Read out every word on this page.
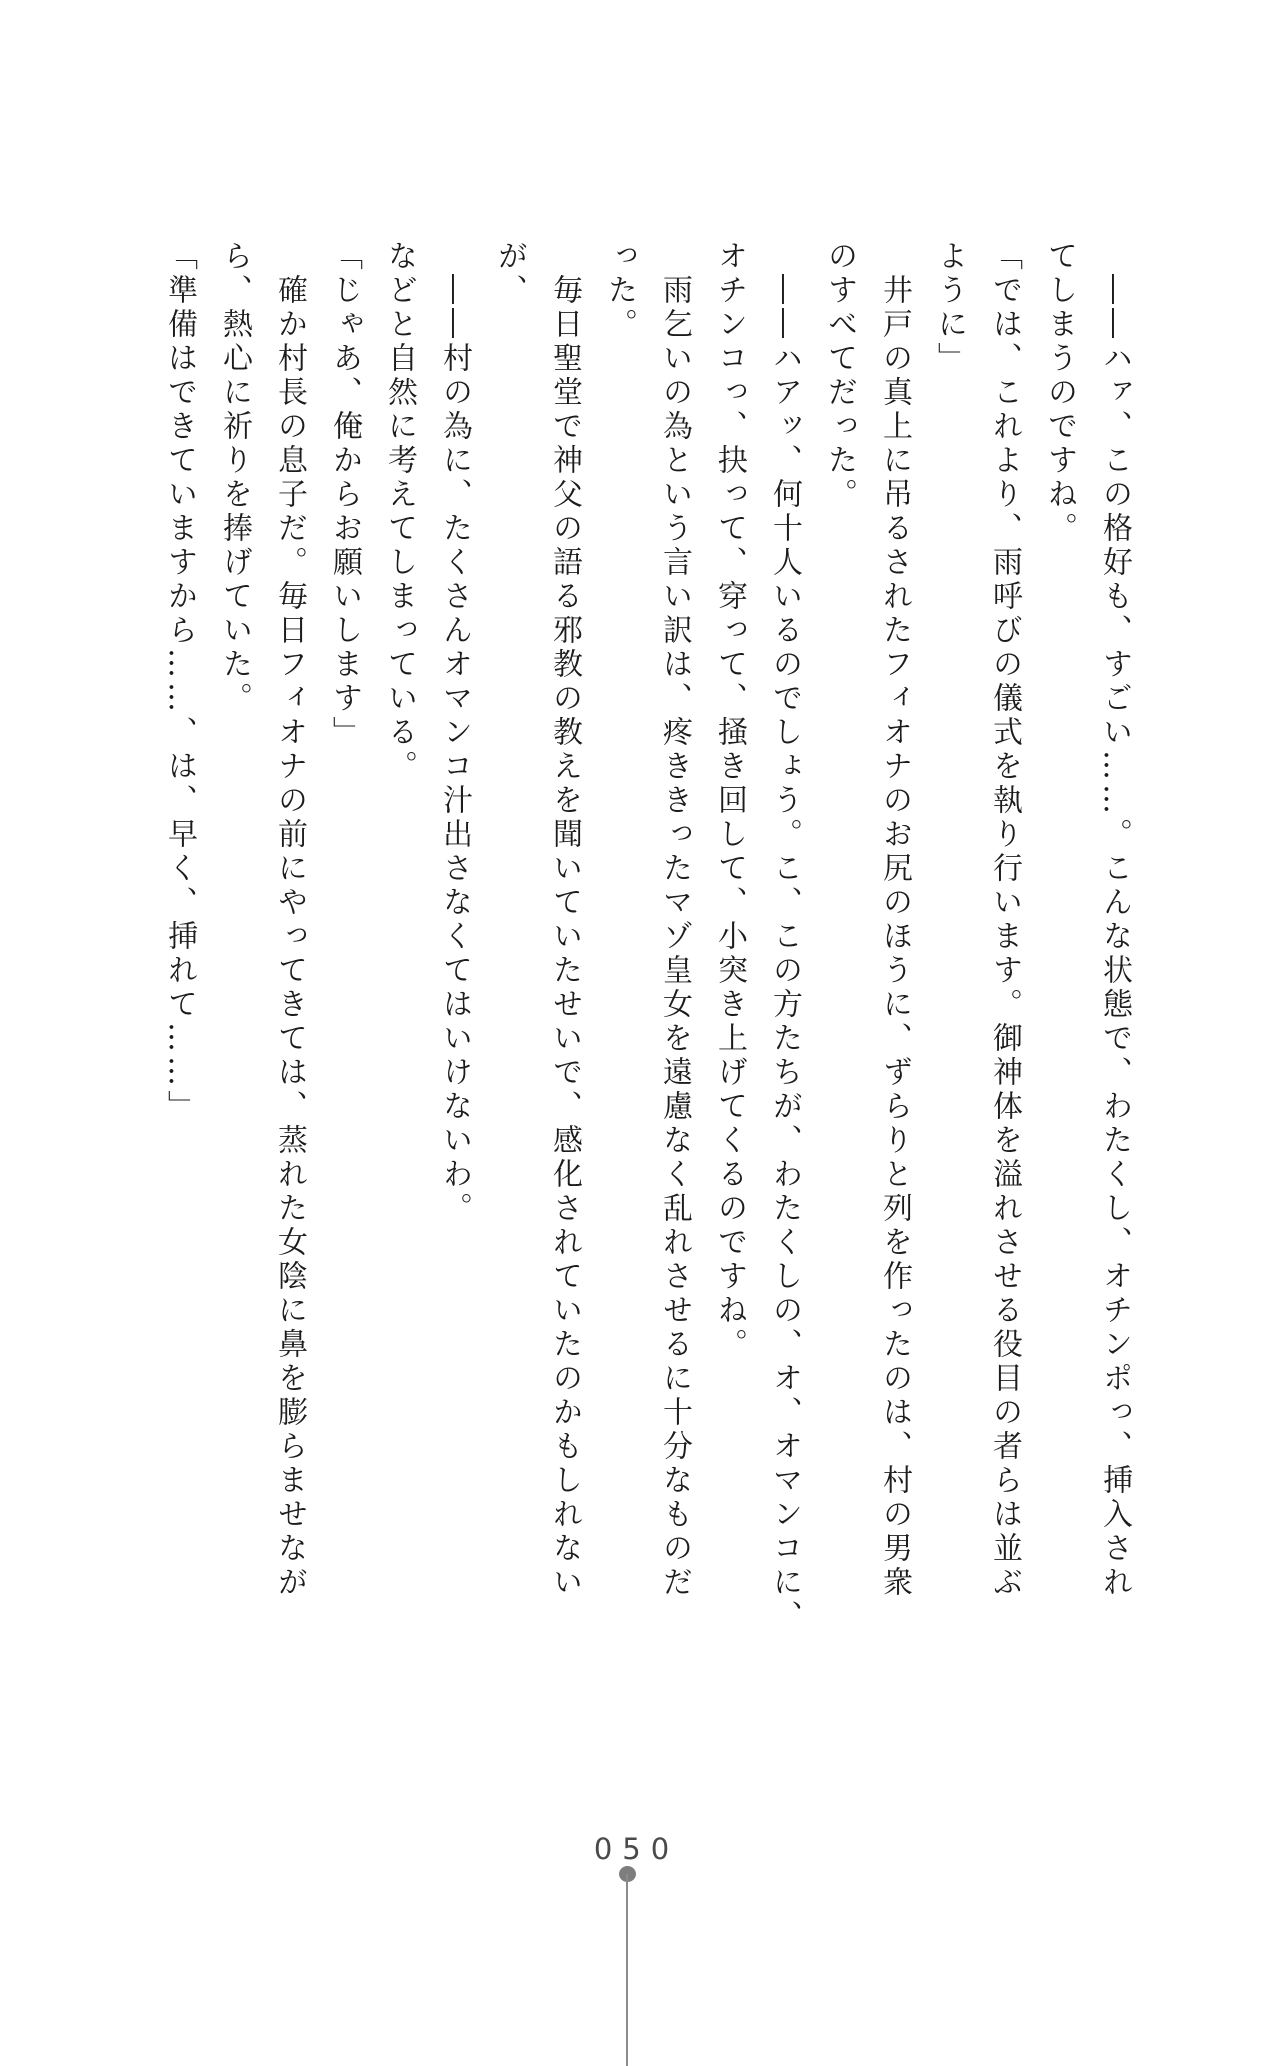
　――ハァ、この格好も、すごい……。こんな状態で、わたくし、オチンポっ、挿入され
てしまうのですね。
「では、これより、雨呼びの儀式を執り行います。御神体を溢れさせる役目の者らは並ぶ
ように」
　井戸の真上に吊るされたフィオナのお尻のほうに、ずらりと列を作ったのは、村の男衆
のすべてだった。
　――ハアッ、何十人いるのでしょう。こ、この方たちが、わたくしの、オ、オマンコに、
オチンコっ、抉って、穿って、掻き回して、小突き上げてくるのですね。
　雨乞いの為という言い訳は、疼ききったマゾ皇女を遠慮なく乱れさせるに十分なものだ
った。
　毎日聖堂で神父の語る邪教の教えを聞いていたせいで、感化されていたのかもしれない
が、
　――村の為に、たくさんオマンコ汁出さなくてはいけないわ。
などと自然に考えてしまっている。
「じゃあ、俺からお願いします」
　確か村長の息子だ。毎日フィオナの前にやってきては、蒸れた女陰に鼻を膨らませなが
ら、熱心に祈りを捧げていた。
「準備はできていますから……、は、早く、挿れて……」
050
